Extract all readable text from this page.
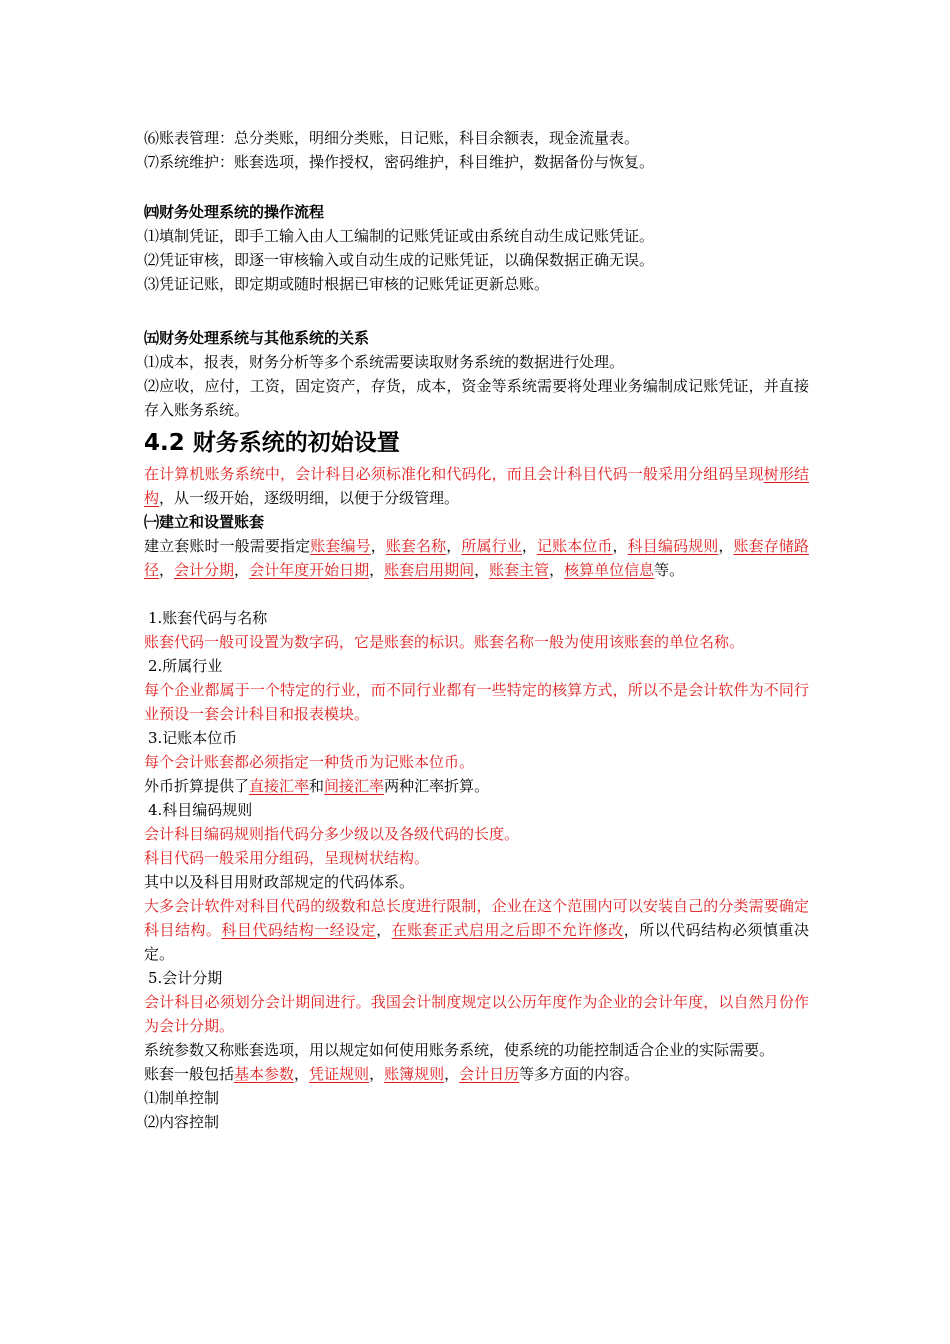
⑹账表管理：总分类账，明细分类账，日记账，科目余额表，现金流量表。

⑺系统维护：账套选项，操作授权，密码维护，科目维护，数据备份与恢复。

㈣财务处理系统的操作流程

⑴填制凭证，即手工输入由人工编制的记账凭证或由系统自动生成记账凭证。

⑵凭证审核，即逐一审核输入或自动生成的记账凭证，以确保数据正确无误。

⑶凭证记账，即定期或随时根据已审核的记账凭证更新总账。

㈤财务处理系统与其他系统的关系

⑴成本，报表，财务分析等多个系统需要读取财务系统的数据进行处理。

⑵应收，应付，工资，固定资产，存货，成本，资金等系统需要将处理业务编制成记账凭证，并直接存入账务系统。

4.2 财务系统的初始设置

在计算机账务系统中，会计科目必须标准化和代码化，而且会计科目代码一般采用分组码呈现树形结构，从一级开始，逐级明细，以便于分级管理。

㈠建立和设置账套

建立套账时一般需要指定账套编号，账套名称，所属行业，记账本位币，科目编码规则，账套存储路径，会计分期，会计年度开始日期，账套启用期间，账套主管，核算单位信息等。

1.账套代码与名称

账套代码一般可设置为数字码，它是账套的标识。账套名称一般为使用该账套的单位名称。

2.所属行业

每个企业都属于一个特定的行业，而不同行业都有一些特定的核算方式，所以不是会计软件为不同行业预设一套会计科目和报表模块。

3.记账本位币

每个会计账套都必须指定一种货币为记账本位币。

外币折算提供了直接汇率和间接汇率两种汇率折算。

4.科目编码规则

会计科目编码规则指代码分多少级以及各级代码的长度。

科目代码一般采用分组码，呈现树状结构。

其中以及科目用财政部规定的代码体系。

大多会计软件对科目代码的级数和总长度进行限制，企业在这个范围内可以安装自己的分类需要确定科目结构。科目代码结构一经设定，在账套正式启用之后即不允许修改，所以代码结构必须慎重决定。

5.会计分期

会计科目必须划分会计期间进行。我国会计制度规定以公历年度作为企业的会计年度，以自然月份作为会计分期。

系统参数又称账套选项，用以规定如何使用账务系统，使系统的功能控制适合企业的实际需要。

账套一般包括基本参数，凭证规则，账簿规则，会计日历等多方面的内容。

⑴制单控制

⑵内容控制
